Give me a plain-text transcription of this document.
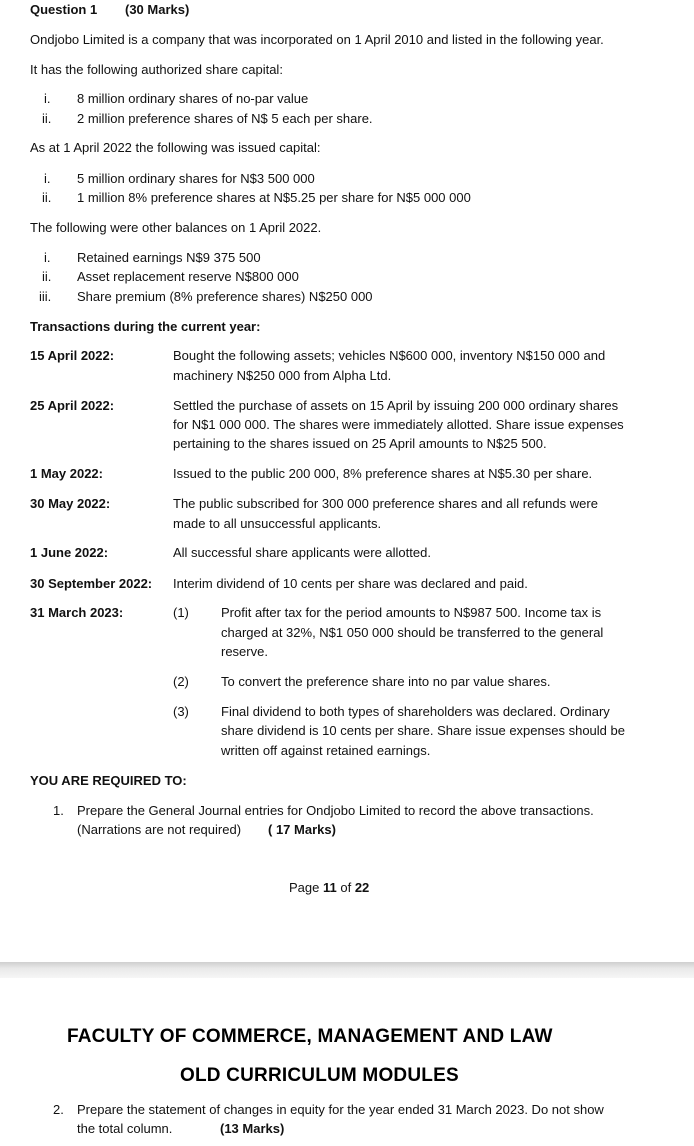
Question 1 (30 Marks)
Ondjobo Limited is a company that was incorporated on 1 April 2010 and listed in the following year.
It has the following authorized share capital:
i. 8 million ordinary shares of no-par value
ii. 2 million preference shares of N$ 5 each per share.
As at 1 April 2022 the following was issued capital:
i. 5 million ordinary shares for N$3 500 000
ii. 1 million 8% preference shares at N$5.25 per share for N$5 000 000
The following were other balances on 1 April 2022.
i. Retained earnings N$9 375 500
ii. Asset replacement reserve N$800 000
iii. Share premium (8% preference shares) N$250 000
Transactions during the current year:
15 April 2022:	Bought the following assets; vehicles N$600 000, inventory N$150 000 and
machinery N$250 000 from Alpha Ltd.
25 April 2022:	Settled the purchase of assets on 15 April by issuing 200 000 ordinary shares
for N$1 000 000. The shares were immediately allotted. Share issue expenses
pertaining to the shares issued on 25 April amounts to N$25 500.
1 May 2022:	Issued to the public 200 000, 8% preference shares at N$5.30 per share.
30 May 2022:	The public subscribed for 300 000 preference shares and all refunds were
made to all unsuccessful applicants.
1 June 2022:	All successful share applicants were allotted.
30 September 2022: Interim dividend of 10 cents per share was declared and paid.
31 March 2023:	(1) Profit after tax for the period amounts to N$987 500. Income tax is
charged at 32%, N$1 050 000 should be transferred to the general
reserve.
(2) To convert the preference share into no par value shares.
(3) Final dividend to both types of shareholders was declared. Ordinary
share dividend is 10 cents per share. Share issue expenses should be
written off against retained earnings.
YOU ARE REQUIRED TO:
1. Prepare the General Journal entries for Ondjobo Limited to record the above transactions.
(Narrations are not required) ( 17 Marks)
Page 11 of 22
FACULTY OF COMMERCE, MANAGEMENT AND LAW
OLD CURRICULUM MODULES
2. Prepare the statement of changes in equity for the year ended 31 March 2023. Do not show
the total column.	(13 Marks)
